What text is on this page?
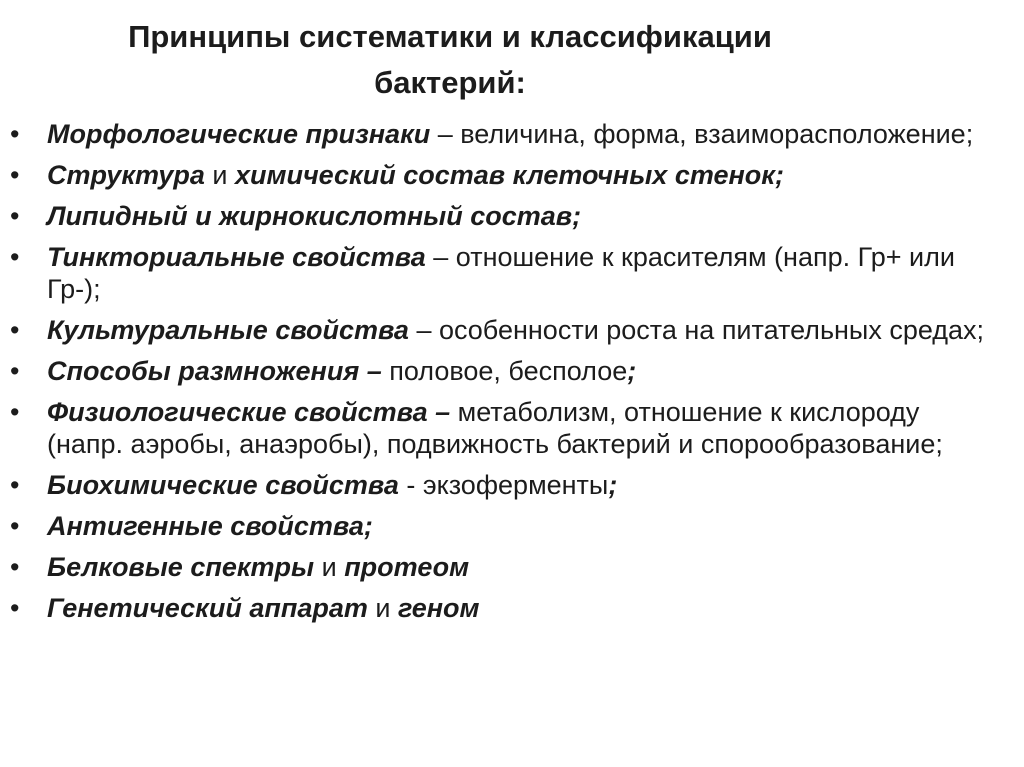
Принципы систематики и классификации
бактерий:
• Морфологические признаки – величина, форма, взаиморасположение;
• Структура и химический состав клеточных стенок;
• Липидный и жирнокислотный состав;
• Тинкториальные свойства – отношение к красителям (напр. Гр+ или Гр-);
• Культуральные свойства – особенности роста на питательных средах;
• Способы размножения – половое, бесполое;
• Физиологические свойства – метаболизм, отношение к кислороду (напр. аэробы, анаэробы), подвижность бактерий и спорообразование;
• Биохимические свойства - экзоферменты;
• Антигенные свойства;
• Белковые спектры и протеом
• Генетический аппарат и геном
